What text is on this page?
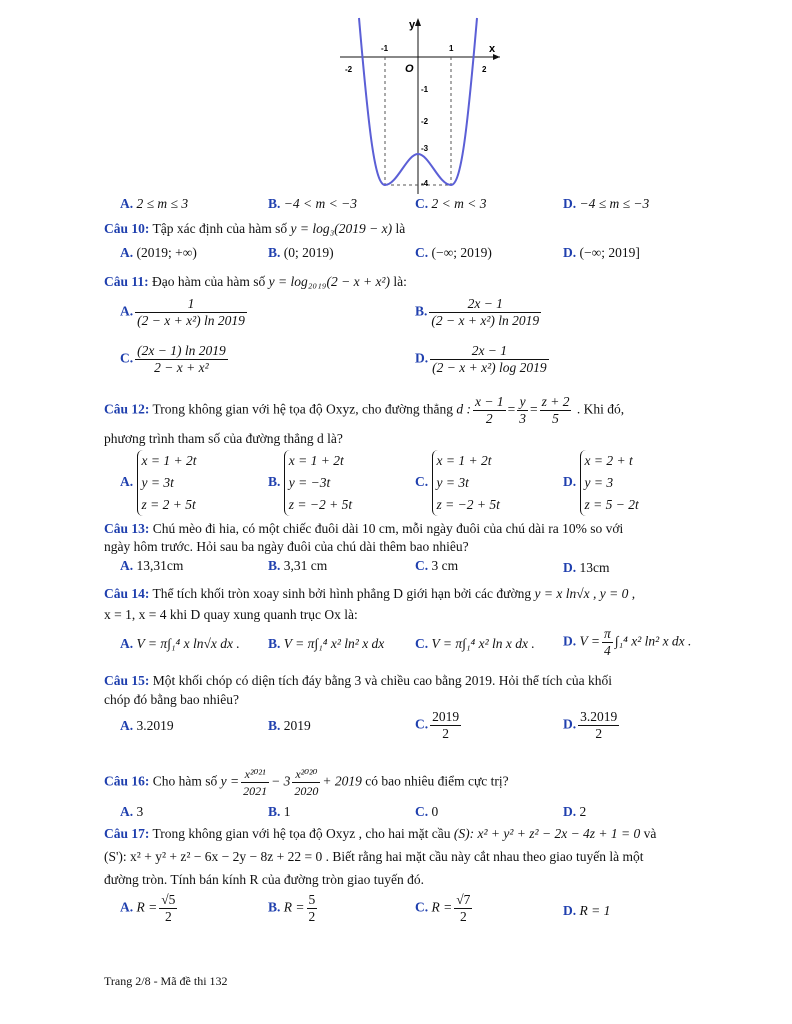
y
x
O
-2
-1	1
2
-1
-2
-3
-4
A. 2 ≤ m ≤ 3	B. −4 < m < −3	C. 2 < m < 3	D. −4 ≤ m ≤ −3
Câu 10: Tập xác định của hàm số y = log₃(2019 − x) là
A. (2019; +∞)	B. (0; 2019)	C. (−∞; 2019)	D. (−∞; 2019]
Câu 11: Đạo hàm của hàm số y = log₂₀₁₉(2 − x + x²) là:
A. $\frac{1}{\text{(2 − x + x²) ln 2019}}$	B. $\frac{2x - 1}{\text{(2 − x + x²) ln 2019}}$
C. $\frac{(2x - 1) \ln 2019}{\text{2 − x + x²}}$	D. $\frac{2x - 1}{\text{(2 − x + x²) log 2019}}$
Câu 12: Trong không gian với hệ tọa độ Oxyz, cho đường thẳng d : $\frac{x - 1}{2} = \frac{y}{3} = \frac{z + 2}{5}$ . Khi đó,
phương trình tham số của đường thẳng d là?
A.
x = 1 + 2t
y = 3t
z = 2 + 5t
B.
x = 1 + 2t
y = −3t
z = −2 + 5t
C.
x = 1 + 2t
y = 3t
z = −2 + 5t
D.
x = 2 + t
y = 3
z = 5 − 2t
Câu 13: Chú mèo đi hia, có một chiếc đuôi dài 10 cm, mỗi ngày đuôi của chú dài ra 10% so với
ngày hôm trước. Hỏi sau ba ngày đuôi của chú dài thêm bao nhiêu?
A. 13,31cm	B. 3,31 cm	C. 3 cm	D. 13cm
Câu 14: Thể tích khối tròn xoay sinh bởi hình phẳng D giới hạn bởi các đường y = x ln√x , y = 0 ,
x = 1, x = 4 khi D quay xung quanh trục Ox là:
A. V = π∫₁⁴ x ln√x dx . B. V = π∫₁⁴ x² ln² x dx C. V = π∫₁⁴ x² ln x dx . D. $V = \frac{\pi}{4} \int_1^4$ x² ln² x dx .
Câu 15: Một khối chóp có diện tích đáy bằng 3 và chiều cao bằng 2019. Hỏi thể tích của khối
chóp đó bằng bao nhiêu?
A. 3.2019	B. 2019	C. $\frac{2019}{2}$	D. $\frac{3.2019}{2}$
Câu 16: Cho hàm số $y = \frac{\text{x²⁰²¹}}{2021} - 3 \frac{\text{x²⁰²⁰}}{2020} + 2019$ có bao nhiêu điểm cực trị?
A. 3	B. 1	C. 0	D. 2
Câu 17: Trong không gian với hệ tọa độ Oxyz , cho hai mặt cầu (S): x² + y² + z² − 2x − 4z + 1 = 0 và
(S'): x² + y² + z² − 6x − 2y − 8z + 22 = 0 . Biết rằng hai mặt cầu này cắt nhau theo giao tuyến là một
đường tròn. Tính bán kính R của đường tròn giao tuyến đó.
A. $R = \frac{√5}{2}$	B. $R = \frac{5}{2}$	C. $R = \frac{√7}{2}$	D. R = 1
Trang 2/8 - Mã đề thi 132
